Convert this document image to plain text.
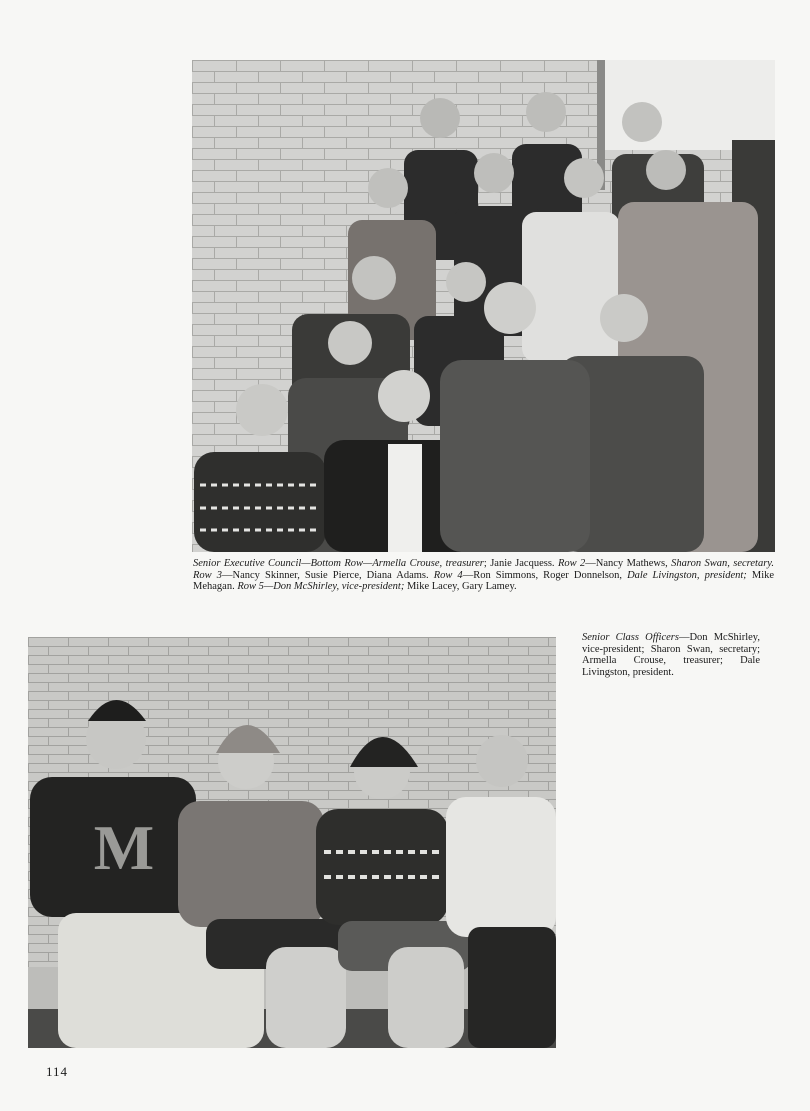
Senior Executive Council—Bottom Row—Armella Crouse, treasurer; Janie Jacquess. Row 2—Nancy Mathews, Sharon Swan, secretary. Row 3—Nancy Skinner, Susie Pierce, Diana Adams. Row 4—Ron Simmons, Roger Donnelson, Dale Livingston, president; Mike Mehagan. Row 5—Don McShirley, vice-president; Mike Lacey, Gary Lamey.
M
Senior Class Officers—Don McShirley, vice-president; Sharon Swan, secretary; Armella Crouse, treasurer; Dale Livingston, president.
114
